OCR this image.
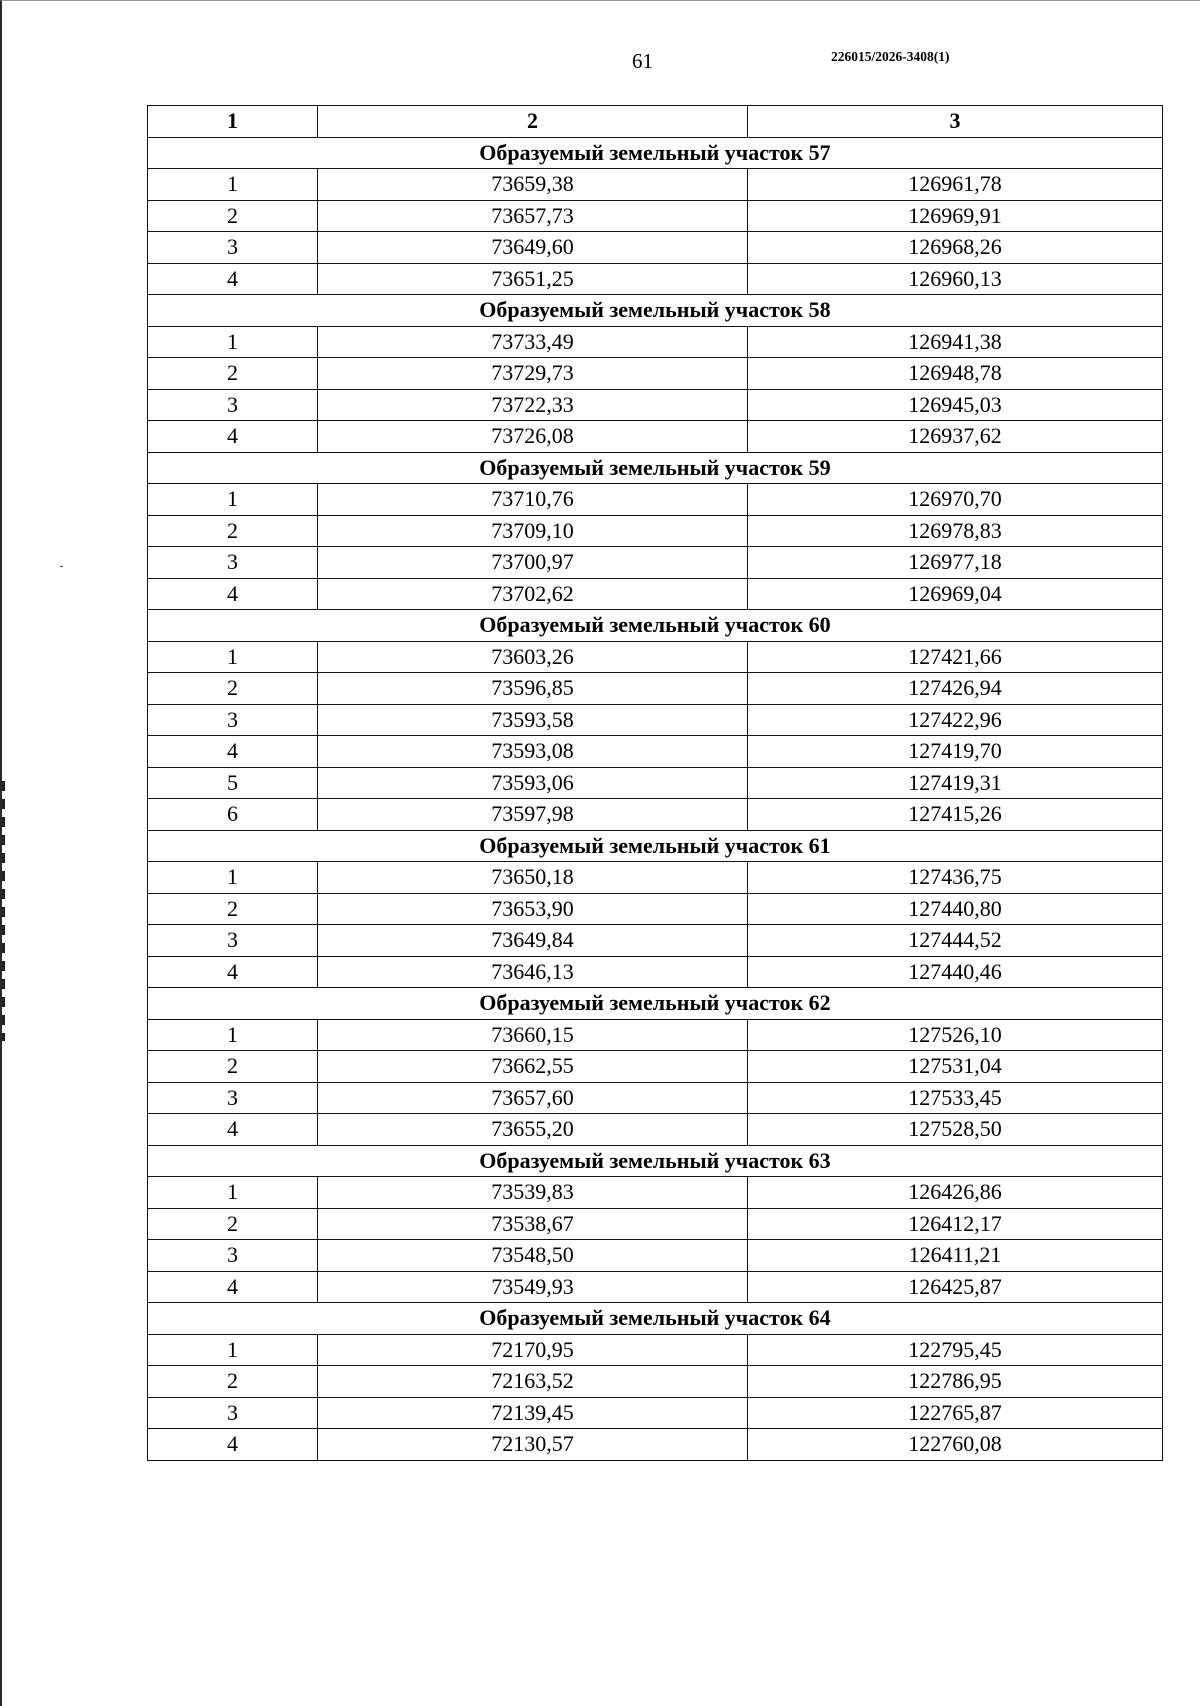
61	226015/2026-3408(1)
1	2	3
Образуемый земельный участок 57		
1	73659,38	126961,78
2	73657,73	126969,91
3	73649,60	126968,26
4	73651,25	126960,13
Образуемый земельный участок 58		
1	73733,49	126941,38
2	73729,73	126948,78
3	73722,33	126945,03
4	73726,08	126937,62
Образуемый земельный участок 59		
1	73710,76	126970,70
2	73709,10	126978,83
3	73700,97	126977,18
4	73702,62	126969,04
Образуемый земельный участок 60		
1	73603,26	127421,66
2	73596,85	127426,94
3	73593,58	127422,96
4	73593,08	127419,70
5	73593,06	127419,31
6	73597,98	127415,26
Образуемый земельный участок 61		
1	73650,18	127436,75
2	73653,90	127440,80
3	73649,84	127444,52
4	73646,13	127440,46
Образуемый земельный участок 62		
1	73660,15	127526,10
2	73662,55	127531,04
3	73657,60	127533,45
4	73655,20	127528,50
Образуемый земельный участок 63		
1	73539,83	126426,86
2	73538,67	126412,17
3	73548,50	126411,21
4	73549,93	126425,87
Образуемый земельный участок 64		
1	72170,95	122795,45
2	72163,52	122786,95
3	72139,45	122765,87
4	72130,57	122760,08
